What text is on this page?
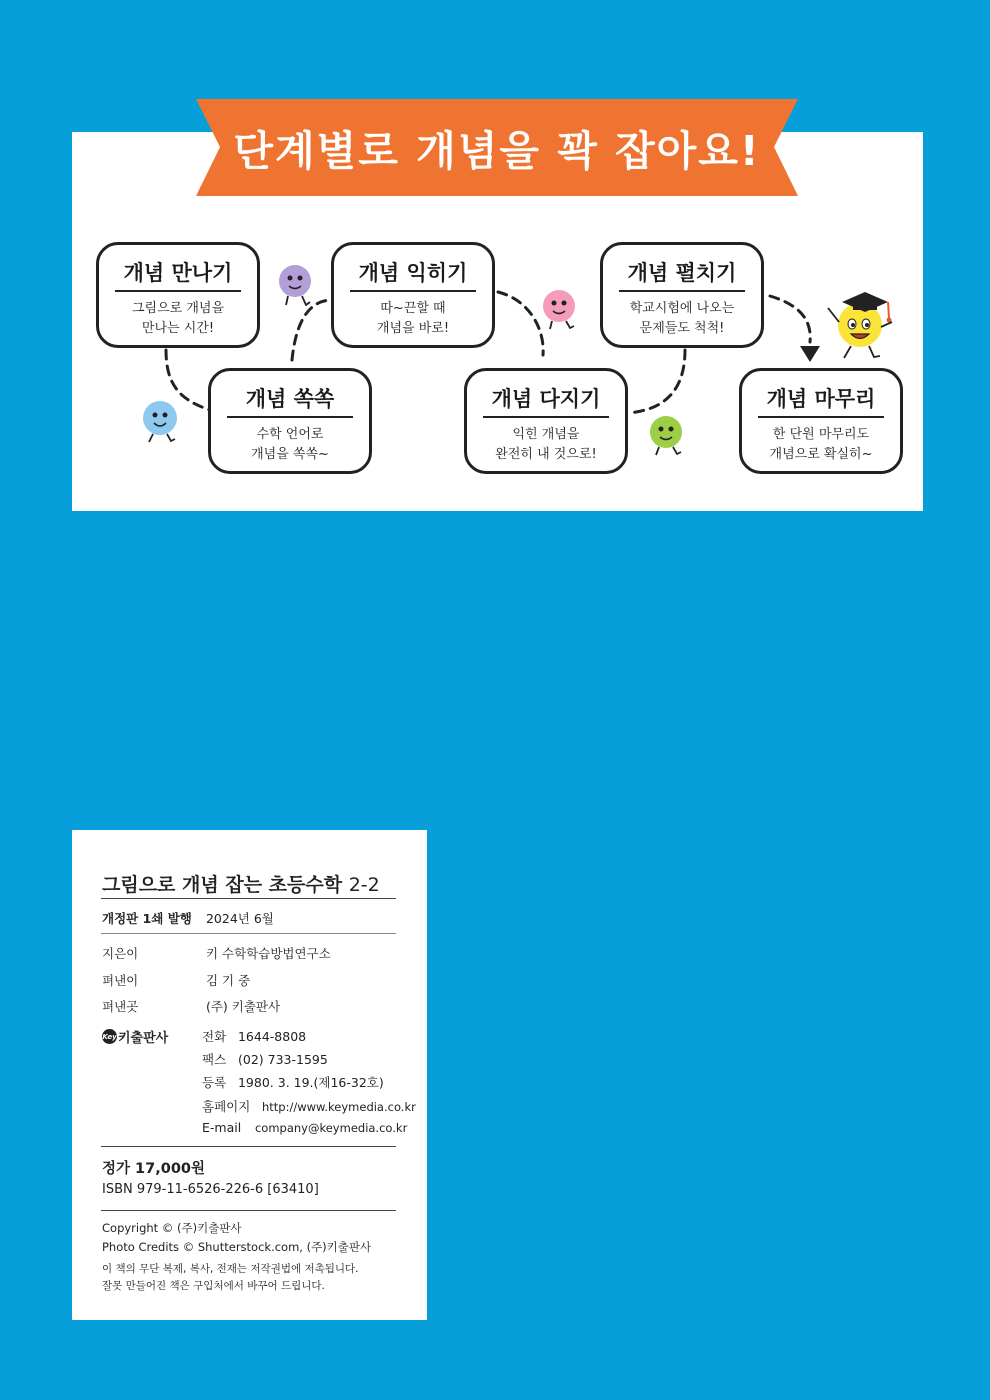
단계별로 개념을 꽉 잡아요!
개념 만나기
그림으로 개념을
만나는 시간!
개념 쏙쏙
수학 언어로
개념을 쏙쏙~
개념 익히기
따~끈할 때
개념을 바로!
개념 다지기
익힌 개념을
완전히 내 것으로!
개념 펼치기
학교시험에 나오는
문제들도 척척!
개념 마무리
한 단원 마무리도
개념으로 확실히~
그림으로 개념 잡는 초등수학 2-2
개정판 1쇄 발행 2024년 6월
지은이	키 수학학습방법연구소
펴낸이	김 기 중
펴낸곳	(주) 키출판사
Key 키출판사	전화 1644-8808
팩스 (02) 733-1595
등록 1980. 3. 19.(제16-32호)
홈페이지 http://www.keymedia.co.kr
E-mail company@keymedia.co.kr
정가 17,000원
ISBN 979-11-6526-226-6 [63410]
Copyright © (주)키출판사
Photo Credits © Shutterstock.com, (주)키출판사
이 책의 무단 복제, 복사, 전재는 저작권법에 저촉됩니다.
잘못 만들어진 책은 구입처에서 바꾸어 드립니다.
